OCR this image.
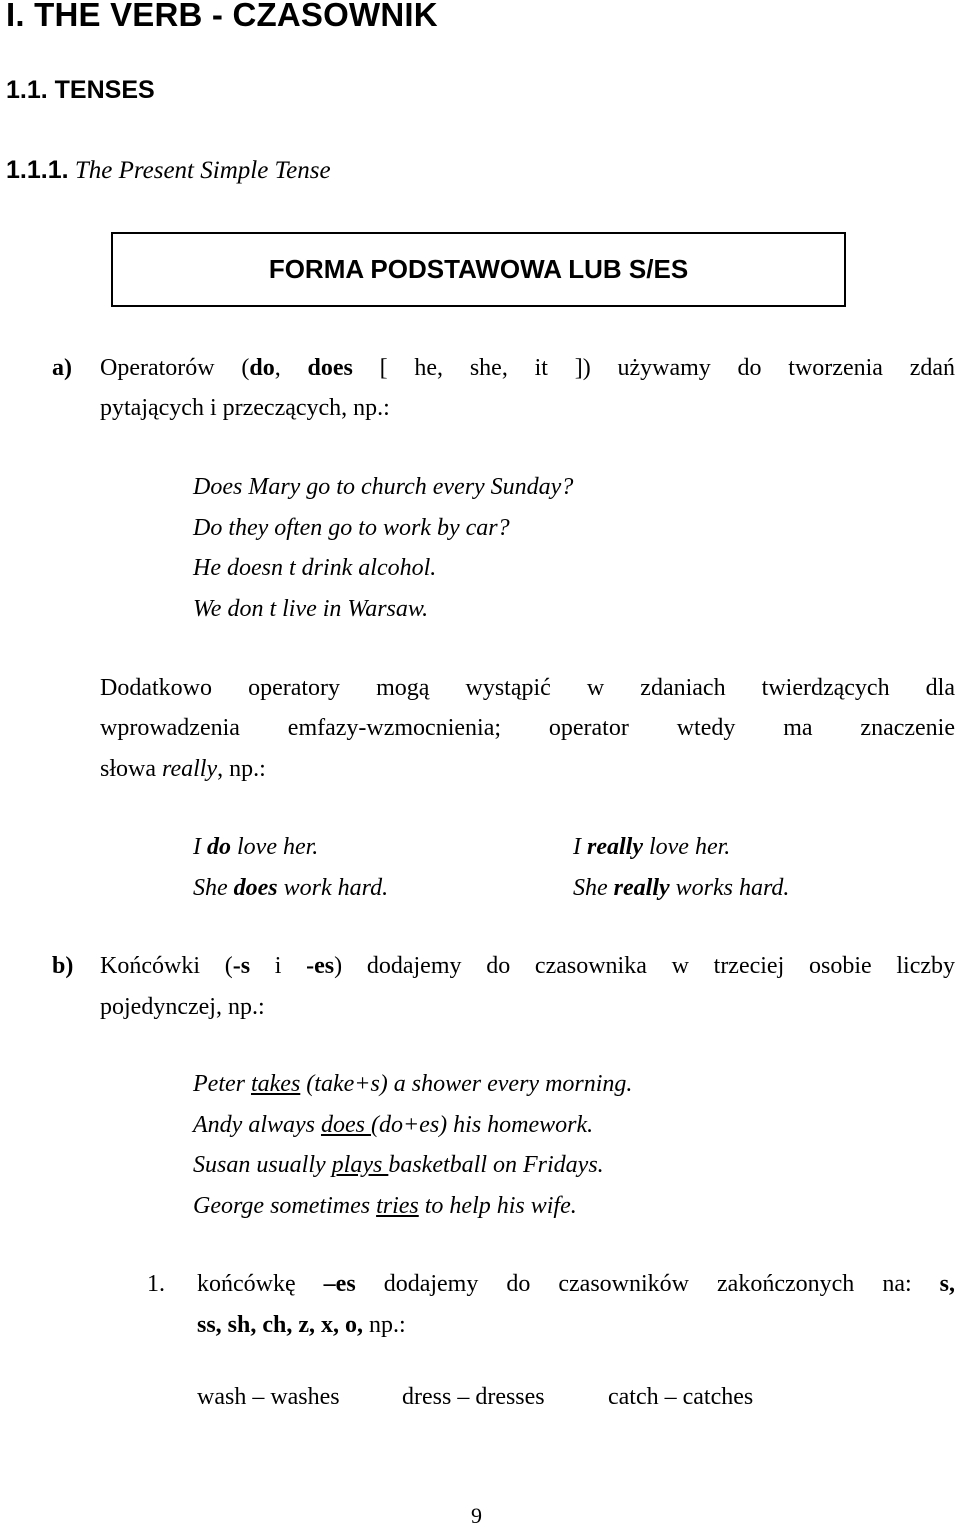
I. THE VERB - CZASOWNIK
1.1. TENSES
1.1.1. The Present Simple Tense
FORMA PODSTAWOWA LUB S/ES
a) Operatorów (do, does [ he, she, it ]) używamy do tworzenia zdań
pytających i przeczących, np.:
Does Mary go to church every Sunday?
Do they often go to work by car?
He doesn t drink alcohol.
We don t live in Warsaw.
Dodatkowo operatory mogą wystąpić w zdaniach twierdzących dla
wprowadzenia emfazy-wzmocnienia; operator wtedy ma znaczenie
słowa really, np.:
I do love her.
She does work hard.
I really love her.
She really works hard.
b) Końcówki (-s i -es) dodajemy do czasownika w trzeciej osobie liczby
pojedynczej, np.:
Peter takes (take+s) a shower every morning.
Andy always does (do+es) his homework.
Susan usually plays basketball on Fridays.
George sometimes tries to help his wife.
1. końcówkę –es dodajemy do czasowników zakończonych na: s,
ss, sh, ch, z, x, o, np.:
wash – washes	dress – dresses	catch – catches
9
